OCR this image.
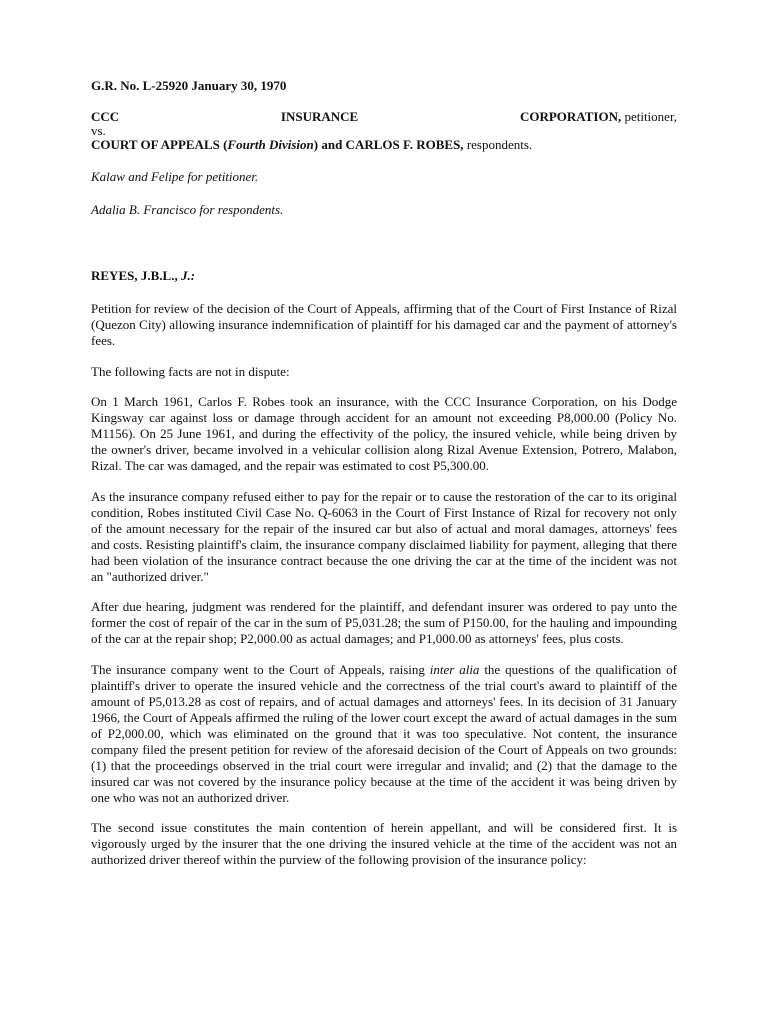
G.R. No. L-25920 January 30, 1970
CCC	INSURANCE	CORPORATION, petitioner,
vs.
COURT OF APPEALS (Fourth Division) and CARLOS F. ROBES, respondents.
Kalaw and Felipe for petitioner.
Adalia B. Francisco for respondents.
REYES, J.B.L., J.:

Petition for review of the decision of the Court of Appeals, affirming that of the Court of First Instance of Rizal (Quezon City) allowing insurance indemnification of plaintiff for his damaged car and the payment of attorney's fees.

The following facts are not in dispute:

On 1 March 1961, Carlos F. Robes took an insurance, with the CCC Insurance Corporation, on his Dodge Kingsway car against loss or damage through accident for an amount not exceeding P8,000.00 (Policy No. M1156). On 25 June 1961, and during the effectivity of the policy, the insured vehicle, while being driven by the owner's driver, became involved in a vehicular collision along Rizal Avenue Extension, Potrero, Malabon, Rizal. The car was damaged, and the repair was estimated to cost P5,300.00.

As the insurance company refused either to pay for the repair or to cause the restoration of the car to its original condition, Robes instituted Civil Case No. Q-6063 in the Court of First Instance of Rizal for recovery not only of the amount necessary for the repair of the insured car but also of actual and moral damages, attorneys' fees and costs. Resisting plaintiff's claim, the insurance company disclaimed liability for payment, alleging that there had been violation of the insurance contract because the one driving the car at the time of the incident was not an "authorized driver."

After due hearing, judgment was rendered for the plaintiff, and defendant insurer was ordered to pay unto the former the cost of repair of the car in the sum of P5,031.28; the sum of P150.00, for the hauling and impounding of the car at the repair shop; P2,000.00 as actual damages; and P1,000.00 as attorneys' fees, plus costs.

The insurance company went to the Court of Appeals, raising inter alia the questions of the qualification of plaintiff's driver to operate the insured vehicle and the correctness of the trial court's award to plaintiff of the amount of P5,013.28 as cost of repairs, and of actual damages and attorneys' fees. In its decision of 31 January 1966, the Court of Appeals affirmed the ruling of the lower court except the award of actual damages in the sum of P2,000.00, which was eliminated on the ground that it was too speculative. Not content, the insurance company filed the present petition for review of the aforesaid decision of the Court of Appeals on two grounds: (1) that the proceedings observed in the trial court were irregular and invalid; and (2) that the damage to the insured car was not covered by the insurance policy because at the time of the accident it was being driven by one who was not an authorized driver.

The second issue constitutes the main contention of herein appellant, and will be considered first. It is vigorously urged by the insurer that the one driving the insured vehicle at the time of the accident was not an authorized driver thereof within the purview of the following provision of the insurance policy:
